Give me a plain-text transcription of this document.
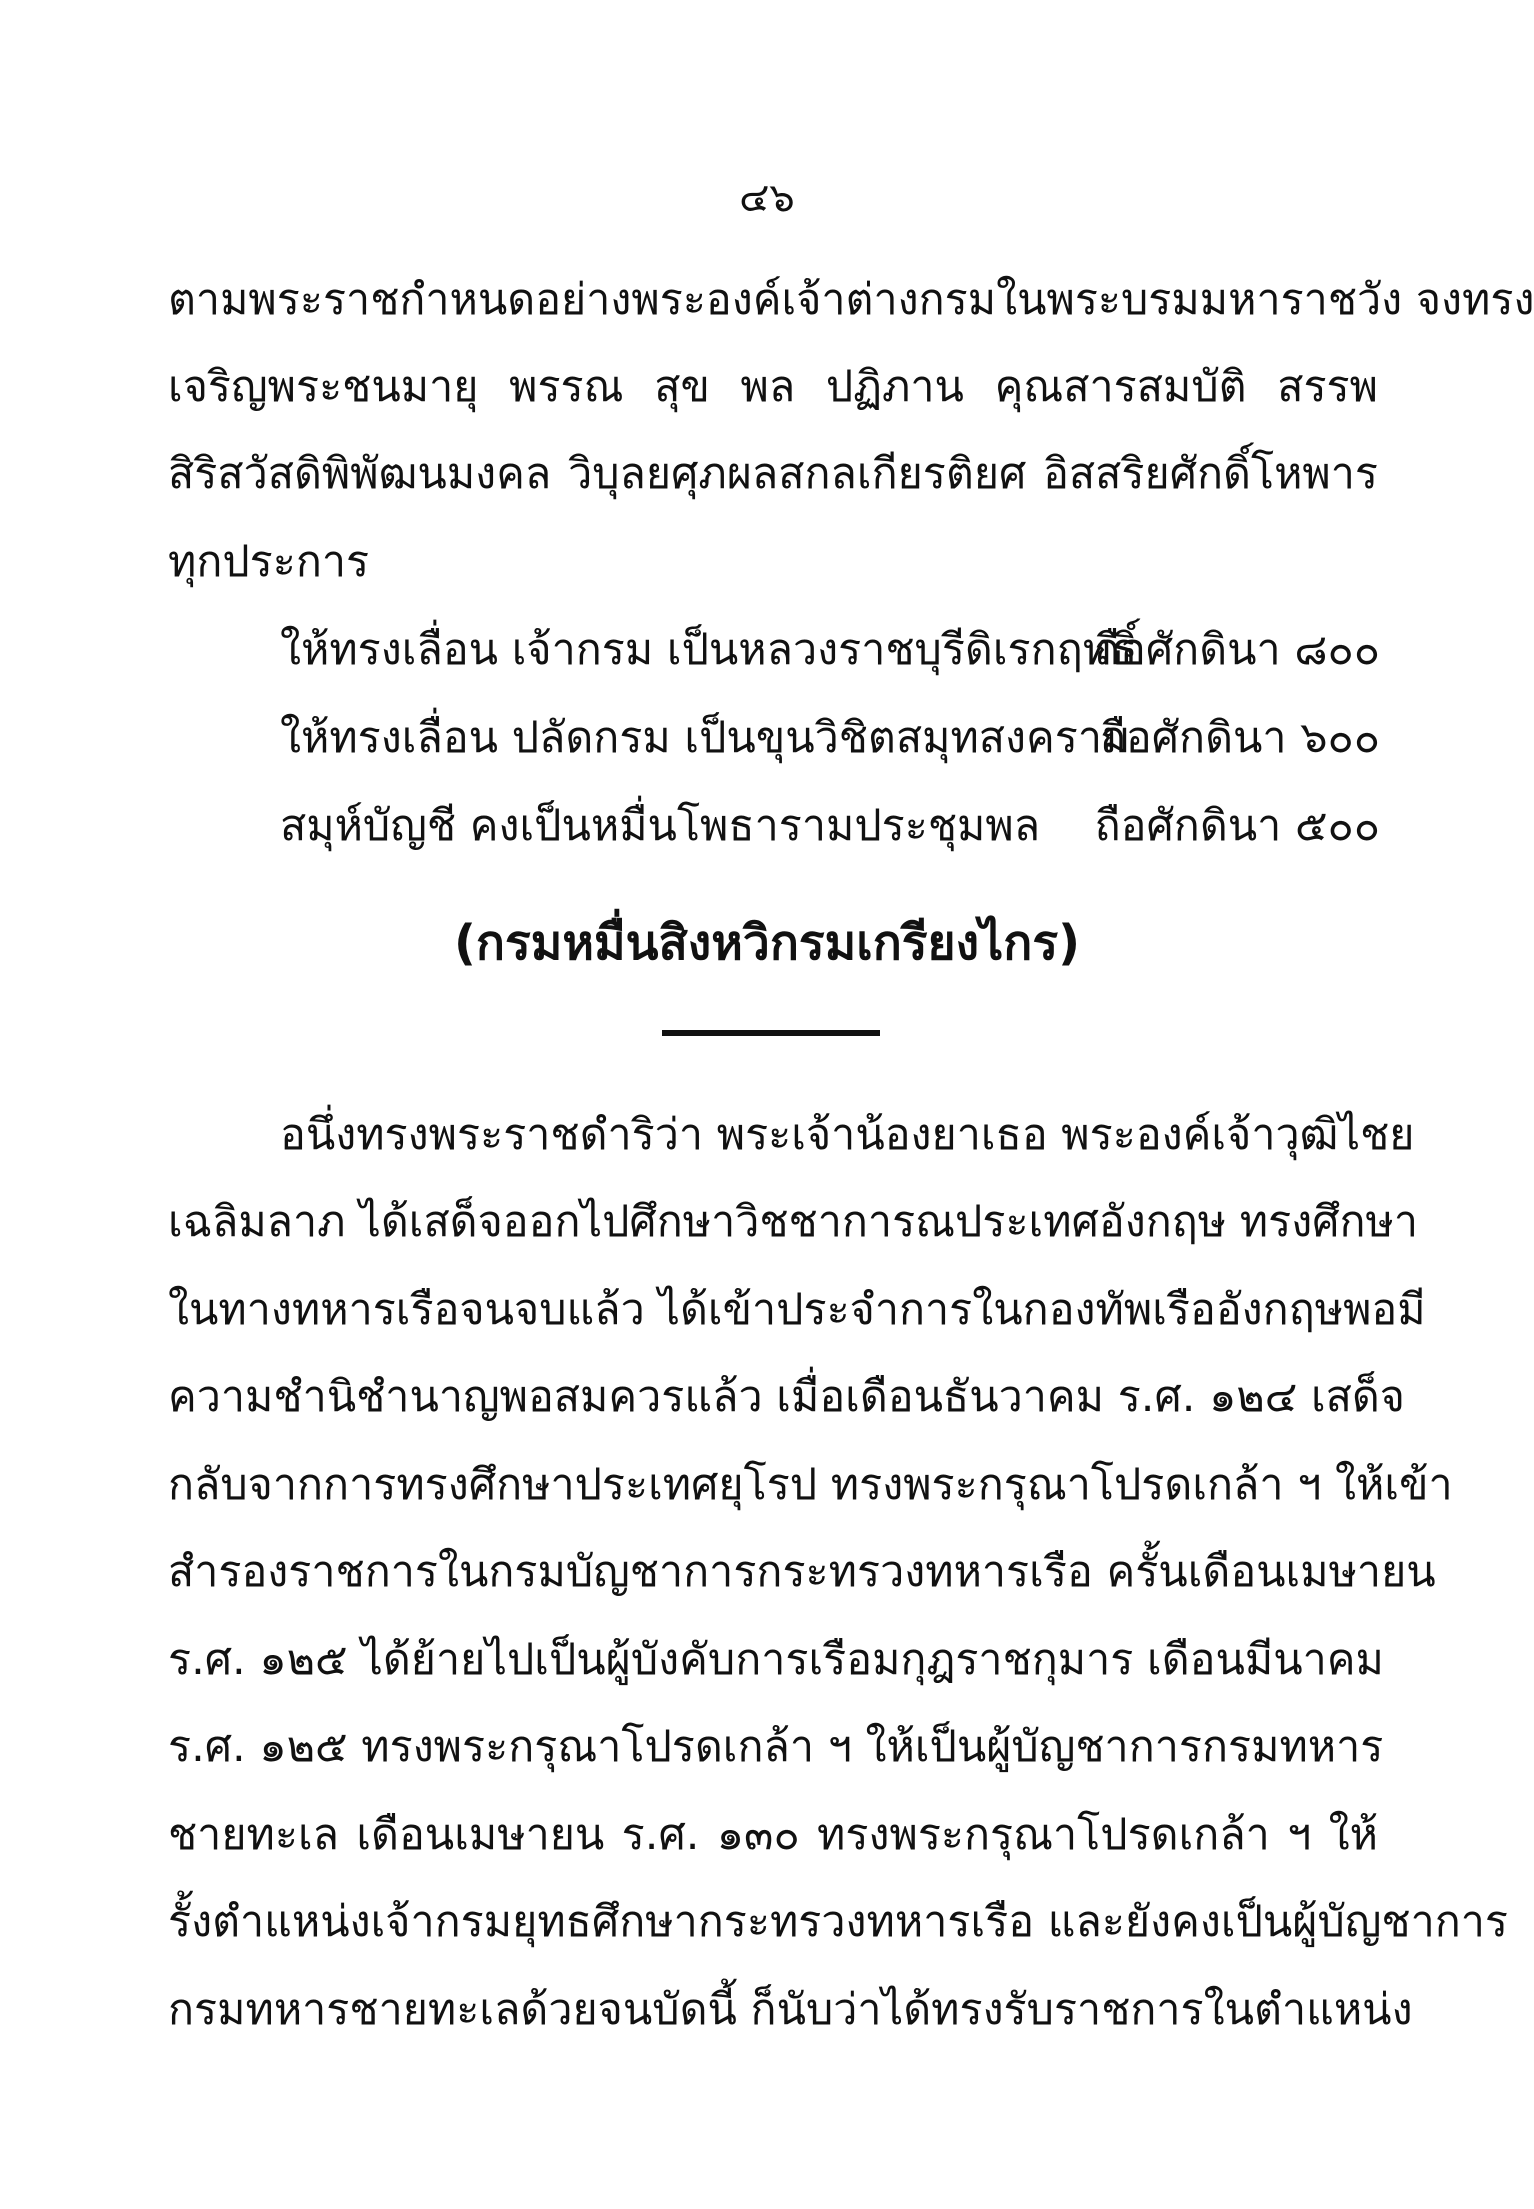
๔๖
ตามพระราชกำหนดอย่างพระองค์เจ้าต่างกรมในพระบรมมหาราชวัง จงทรง
เจริญพระชนมายุ พรรณ สุข พล ปฏิภาน คุณสารสมบัติ สรรพ
สิริสวัสดิพิพัฒนมงคล วิบุลยศุภผลสกลเกียรติยศ อิสสริยศักดิ์โหพาร
ทุกประการ
ให้ทรงเลื่อน เจ้ากรม เป็นหลวงราชบุรีดิเรกฤทธิ์
ถือศักดินา ๘๐๐
ให้ทรงเลื่อน ปลัดกรม เป็นขุนวิชิตสมุทสงคราม
ถือศักดินา ๖๐๐
สมุห์บัญชี คงเป็นหมื่นโพธารามประชุมพล ถือศักดินา ๕๐๐
(กรมหมื่นสิงหวิกรมเกรียงไกร)
อนึ่งทรงพระราชดำริว่า พระเจ้าน้องยาเธอ พระองค์เจ้าวุฒิไชย
เฉลิมลาภ ได้เสด็จออกไปศึกษาวิชชาการณประเทศอังกฤษ ทรงศึกษา
ในทางทหารเรือจนจบแล้ว ได้เข้าประจำการในกองทัพเรืออังกฤษพอมี
ความชำนิชำนาญพอสมควรแล้ว เมื่อเดือนธันวาคม ร.ศ. ๑๒๔ เสด็จ
กลับจากการทรงศึกษาประเทศยุโรป ทรงพระกรุณาโปรดเกล้า ฯ ให้เข้า
สำรองราชการในกรมบัญชาการกระทรวงทหารเรือ ครั้นเดือนเมษายน
ร.ศ. ๑๒๕ ได้ย้ายไปเป็นผู้บังคับการเรือมกุฎราชกุมาร เดือนมีนาคม
ร.ศ. ๑๒๕ ทรงพระกรุณาโปรดเกล้า ฯ ให้เป็นผู้บัญชาการกรมทหาร
ชายทะเล เดือนเมษายน ร.ศ. ๑๓๐ ทรงพระกรุณาโปรดเกล้า ฯ ให้
รั้งตำแหน่งเจ้ากรมยุทธศึกษากระทรวงทหารเรือ และยังคงเป็นผู้บัญชาการ
กรมทหารชายทะเลด้วยจนบัดนี้ ก็นับว่าได้ทรงรับราชการในตำแหน่ง
